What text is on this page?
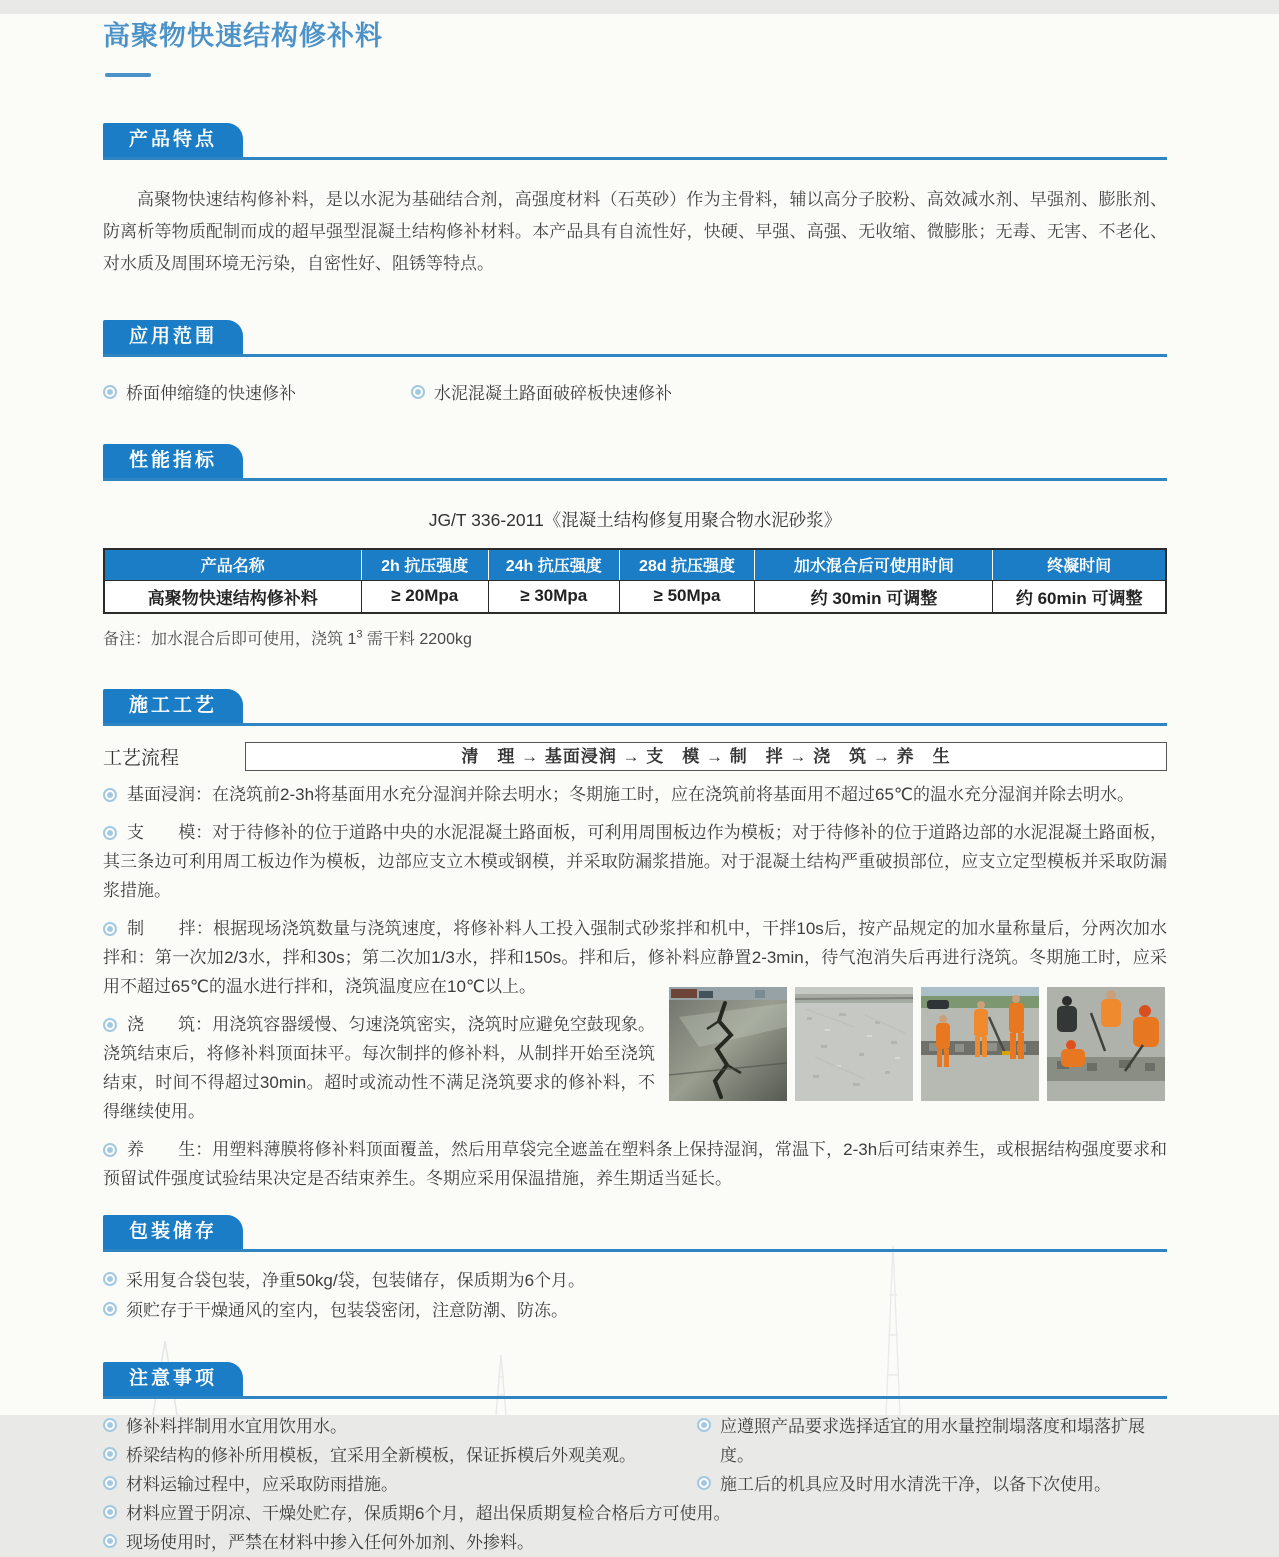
高聚物快速结构修补料
产品特点

高聚物快速结构修补料，是以水泥为基础结合剂，高强度材料（石英砂）作为主骨料，辅以高分子胶粉、高效减水剂、早强剂、膨胀剂、防离析等物质配制而成的超早强型混凝土结构修补材料。本产品具有自流性好，快硬、早强、高强、无收缩、微膨胀；无毒、无害、不老化、对水质及周围环境无污染，自密性好、阻锈等特点。

应用范围
桥面伸缩缝的快速修补	水泥混凝土路面破碎板快速修补
性能指标
JG/T 336-2011《混凝土结构修复用聚合物水泥砂浆》
产品名称	2h 抗压强度	24h 抗压强度	28d 抗压强度	加水混合后可使用时间	终凝时间
高聚物快速结构修补料	≥ 20Mpa	≥ 30Mpa	≥ 50Mpa	约 30min 可调整	约 60min 可调整
备注：加水混合后即可使用，浇筑 $1^3$ 需干料 2200kg
施工工艺
工艺流程	清　理 → 基面浸润 → 支　模 → 制　拌 → 浇　筑 → 养　生

基面浸润：在浇筑前2-3h将基面用水充分湿润并除去明水；冬期施工时，应在浇筑前将基面用不超过65℃的温水充分湿润并除去明水。

支　　模：对于待修补的位于道路中央的水泥混凝土路面板，可利用周围板边作为模板；对于待修补的位于道路边部的水泥混凝土路面板，其三条边可利用周工板边作为模板，边部应支立木模或钢模，并采取防漏浆措施。对于混凝土结构严重破损部位，应支立定型模板并采取防漏浆措施。

制　　拌：根据现场浇筑数量与浇筑速度，将修补料人工投入强制式砂浆拌和机中，干拌10s后，按产品规定的加水量称量后，分两次加水拌和：第一次加2/3水，拌和30s；第二次加1/3水，拌和150s。拌和后，修补料应静置2-3min，待气泡消失后再进行浇筑。冬期施工时，应采用不超过65℃的温水进行拌和，浇筑温度应在10℃以上。

浇　　筑：用浇筑容器缓慢、匀速浇筑密实，浇筑时应避免空鼓现象。浇筑结束后，将修补料顶面抹平。每次制拌的修补料，从制拌开始至浇筑结束，时间不得超过30min。超时或流动性不满足浇筑要求的修补料，不得继续使用。

养　　生：用塑料薄膜将修补料顶面覆盖，然后用草袋完全遮盖在塑料条上保持湿润，常温下，2-3h后可结束养生，或根据结构强度要求和预留试件强度试验结果决定是否结束养生。冬期应采用保温措施，养生期适当延长。

包装储存
采用复合袋包装，净重50kg/袋，包装储存，保质期为6个月。
须贮存于干燥通风的室内，包装袋密闭，注意防潮、防冻。
注意事项
修补料拌制用水宜用饮用水。
桥梁结构的修补所用模板，宜采用全新模板，保证拆模后外观美观。
材料运输过程中，应采取防雨措施。
材料应置于阴凉、干燥处贮存，保质期6个月，超出保质期复检合格后方可使用。
现场使用时，严禁在材料中掺入任何外加剂、外掺料。
应遵照产品要求选择适宜的用水量控制塌落度和塌落扩展度。
施工后的机具应及时用水清洗干净，以备下次使用。
